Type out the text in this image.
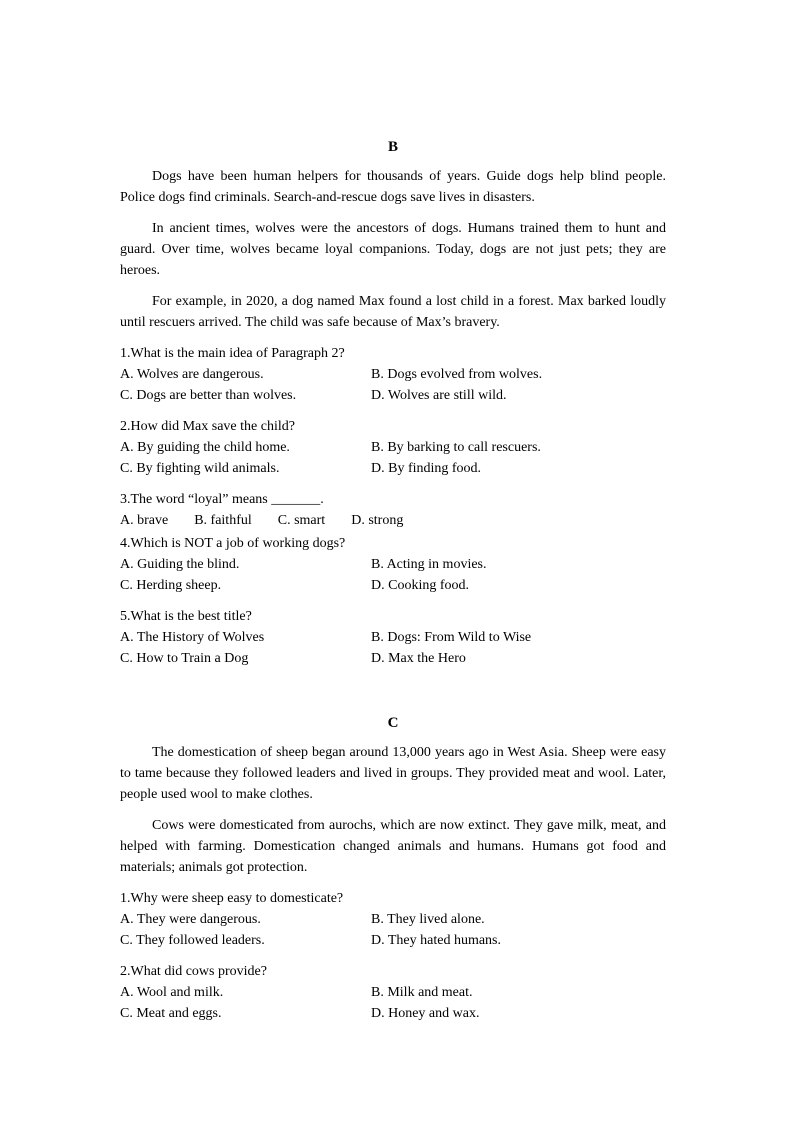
B

Dogs have been human helpers for thousands of years. Guide dogs help blind people. Police dogs find criminals. Search-and-rescue dogs save lives in disasters.

In ancient times, wolves were the ancestors of dogs. Humans trained them to hunt and guard. Over time, wolves became loyal companions. Today, dogs are not just pets; they are heroes.

For example, in 2020, a dog named Max found a lost child in a forest. Max barked loudly until rescuers arrived. The child was safe because of Max’s bravery.

1.What is the main idea of Paragraph 2?
A. Wolves are dangerous.	B. Dogs evolved from wolves.
C. Dogs are better than wolves.	D. Wolves are still wild.
2.How did Max save the child?
A. By guiding the child home.	B. By barking to call rescuers.
C. By fighting wild animals.	D. By finding food.
3.The word “loyal” means _______.
A. brave B. faithful C. smart D. strong
4.Which is NOT a job of working dogs?
A. Guiding the blind.	B. Acting in movies.
C. Herding sheep.	D. Cooking food.
5.What is the best title?
A. The History of Wolves	B. Dogs: From Wild to Wise
C. How to Train a Dog	D. Max the Hero
C

The domestication of sheep began around 13,000 years ago in West Asia. Sheep were easy to tame because they followed leaders and lived in groups. They provided meat and wool. Later, people used wool to make clothes.

Cows were domesticated from aurochs, which are now extinct. They gave milk, meat, and helped with farming. Domestication changed animals and humans. Humans got food and materials; animals got protection.

1.Why were sheep easy to domesticate?
A. They were dangerous.	B. They lived alone.
C. They followed leaders.	D. They hated humans.
2.What did cows provide?
A. Wool and milk.	B. Milk and meat.
C. Meat and eggs.	D. Honey and wax.
